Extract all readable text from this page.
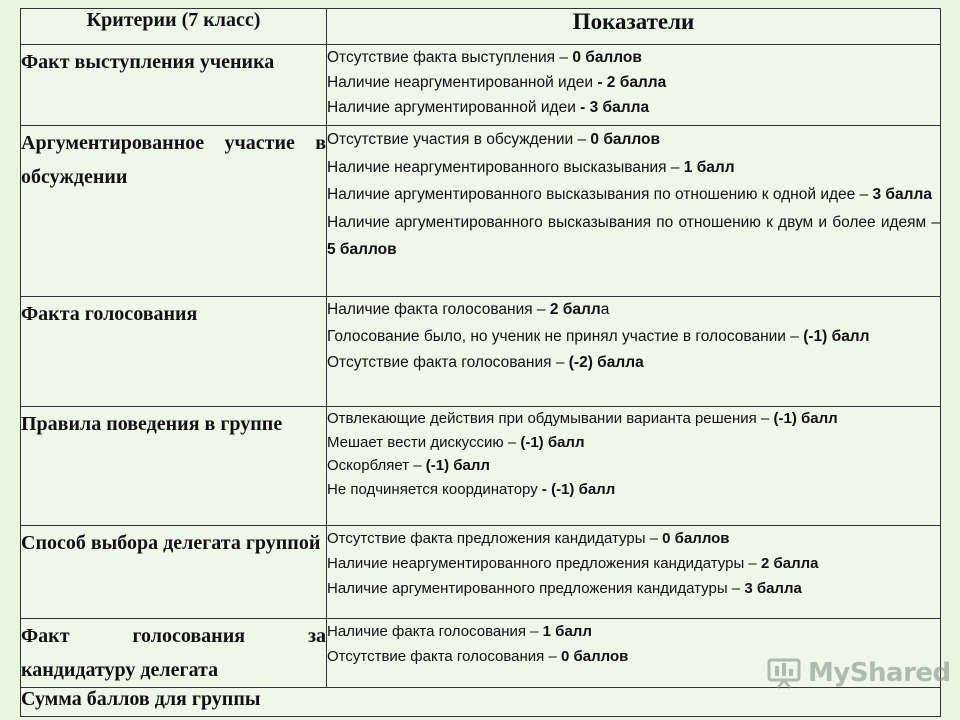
Критерии (7 класс)	Показатели
Факт выступления ученика	Отсутствие факта выступления – 0 баллов
Наличие неаргументированной идеи - 2 балла
Наличие аргументированной идеи - 3 балла

Аргументированное участие в обсуждении	Отсутствие участия в обсуждении – 0 баллов
Наличие неаргументированного высказывания – 1 балл
Наличие аргументированного высказывания по отношению к одной идее – 3 балла
Наличие аргументированного высказывания по отношению к двум и более идеям – 5 баллов

Факта голосования	Наличие факта голосования – 2 балла
Голосование было, но ученик не принял участие в голосовании – (-1) балл
Отсутствие факта голосования – (-2) балла

Правила поведения в группе	Отвлекающие действия при обдумывании варианта решения – (-1) балл
Мешает вести дискуссию – (-1) балл
Оскорбляет – (-1) балл
Не подчиняется координатору - (-1) балл

Способ выбора делегата группой	Отсутствие факта предложения кандидатуры – 0 баллов
Наличие неаргументированного предложения кандидатуры – 2 балла
Наличие аргументированного предложения кандидатуры – 3 балла

Факт голосования за кандидатуру делегата	Наличие факта голосования – 1 балл
Отсутствие факта голосования – 0 баллов

Сумма баллов для группы	
MyShared
